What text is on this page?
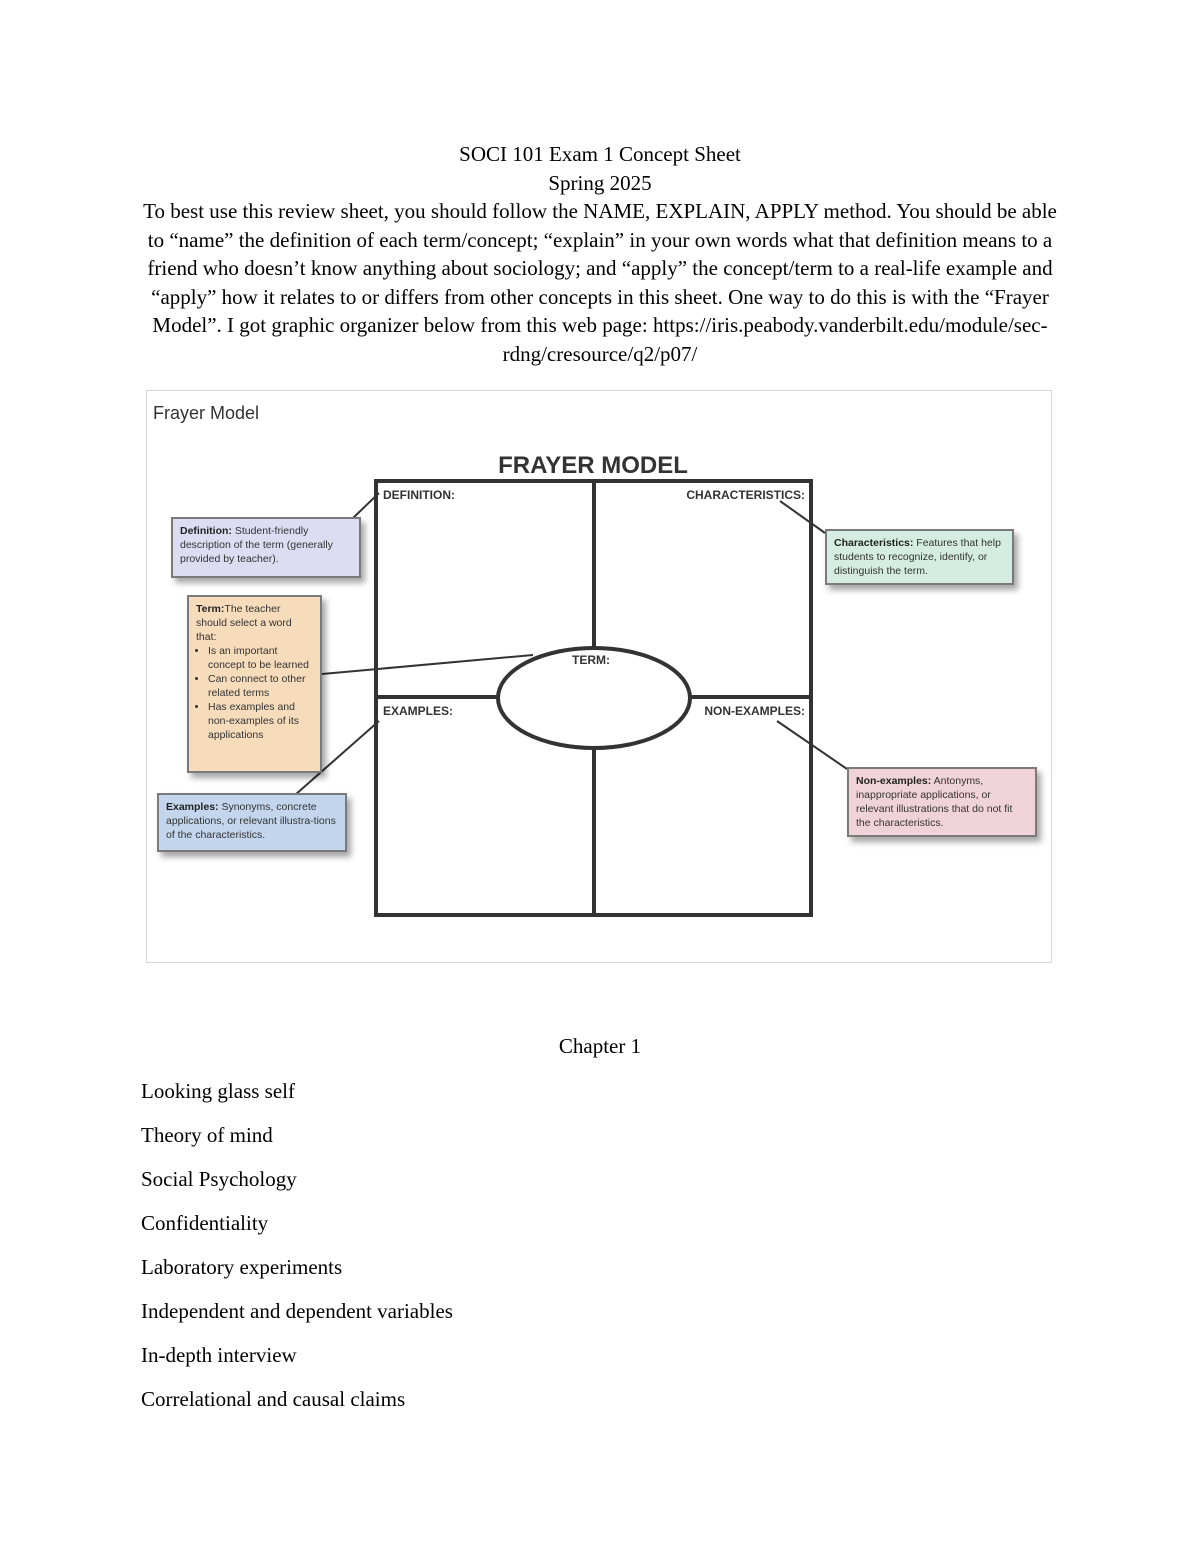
SOCI 101 Exam 1 Concept Sheet
Spring 2025
To best use this review sheet, you should follow the NAME, EXPLAIN, APPLY method. You should be able to “name” the definition of each term/concept; “explain” in your own words what that definition means to a friend who doesn’t know anything about sociology; and “apply” the concept/term to a real-life example and “apply” how it relates to or differs from other concepts in this sheet. One way to do this is with the “Frayer Model”. I got graphic organizer below from this web page: https://iris.peabody.vanderbilt.edu/module/sec-rdng/cresource/q2/p07/
Frayer Model
FRAYER MODEL
DEFINITION:	CHARACTERISTICS:
EXAMPLES:	NON-EXAMPLES:
TERM:
Definition: Student-friendly description of the term (generally provided by teacher).
Term:The teacher should select a word that:
• Is an important concept to be learned
• Can connect to other related terms
• Has examples and non-examples of its applications
Examples: Synonyms, concrete applications, or relevant illustra-tions of the characteristics.
Characteristics: Features that help students to recognize, identify, or distinguish the term.
Non-examples: Antonyms, inappropriate applications, or relevant illustrations that do not fit the characteristics.
Chapter 1
Looking glass self
Theory of mind
Social Psychology
Confidentiality
Laboratory experiments
Independent and dependent variables
In-depth interview
Correlational and causal claims
